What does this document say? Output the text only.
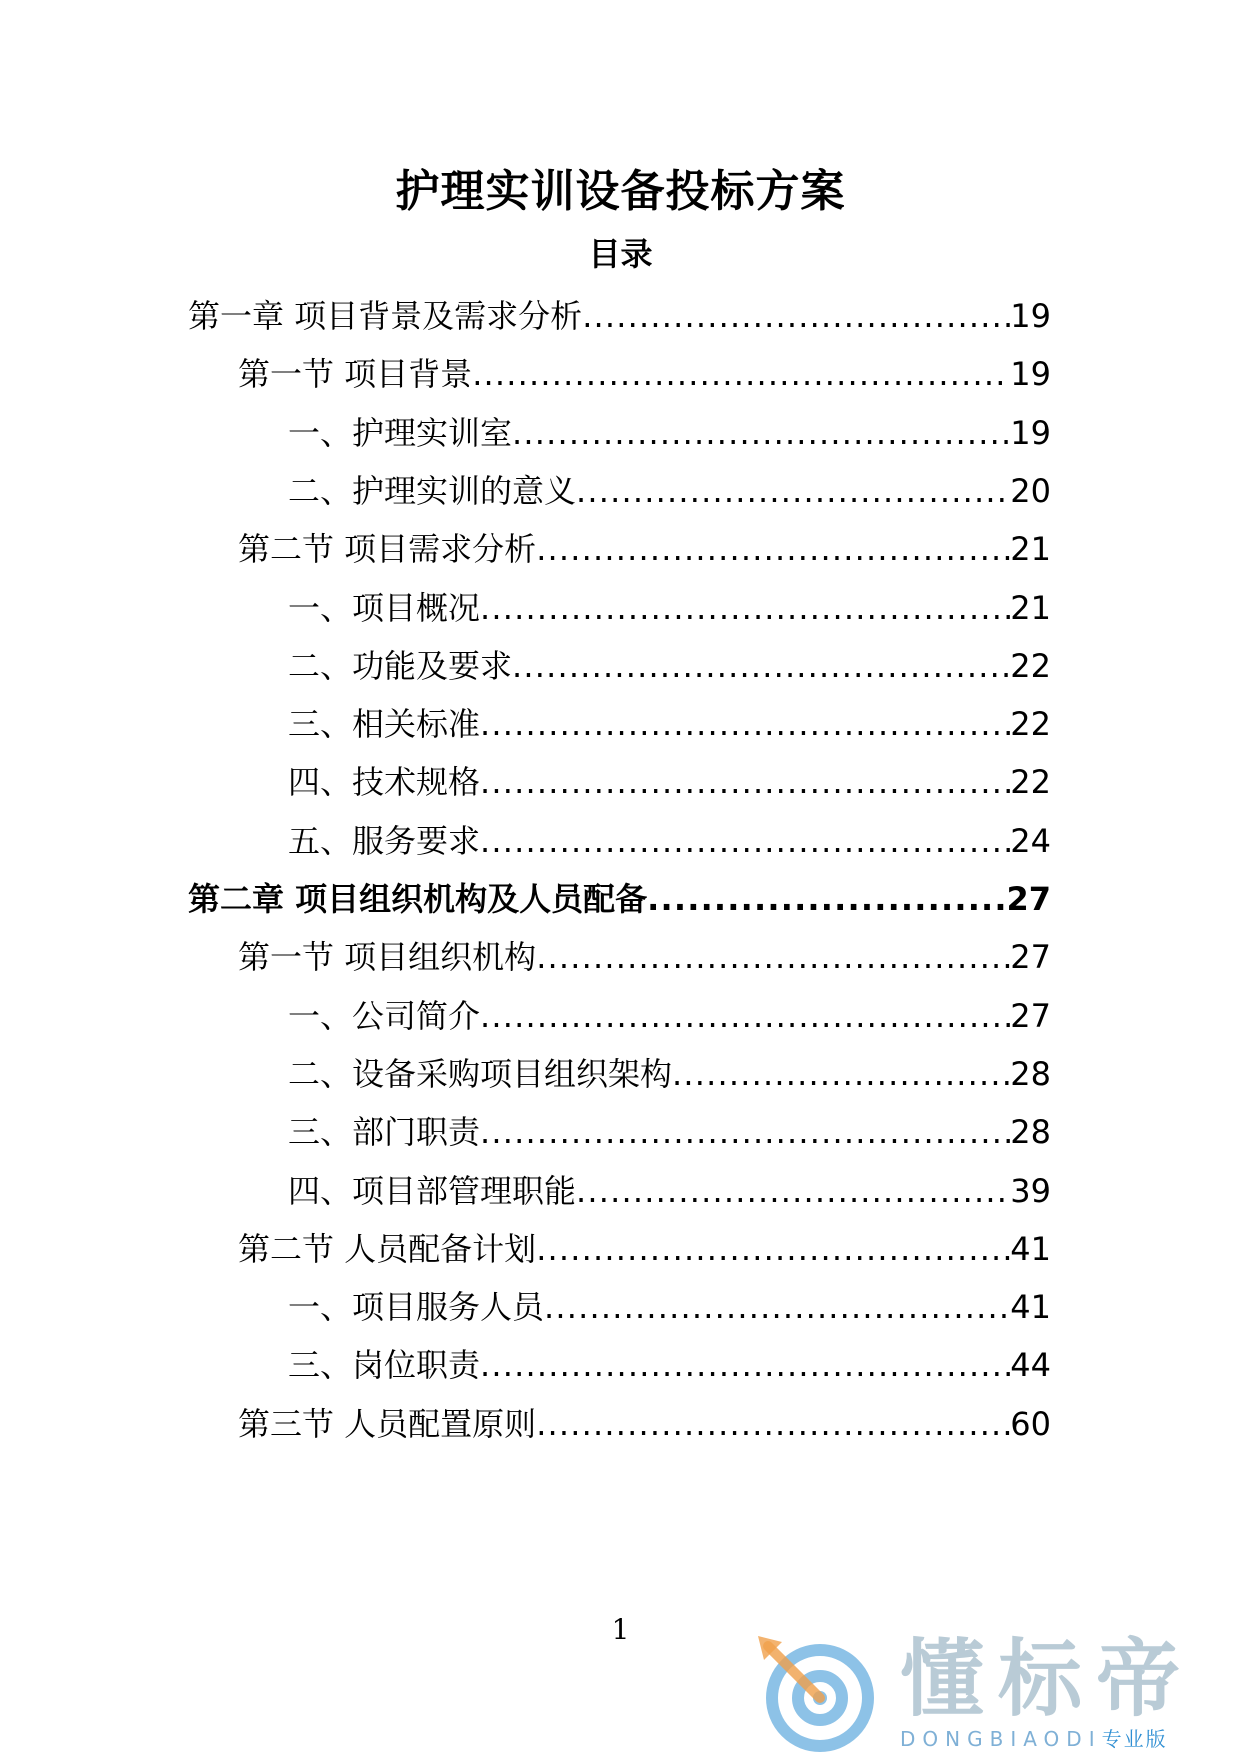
护理实训设备投标方案
目录
第一章 项目背景及需求分析 .....	19
第一节 项目背景 .....	19
一、护理实训室 .....	19
二、护理实训的意义 .....	20
第二节 项目需求分析 .....	21
一、项目概况 .....	21
二、功能及要求 .....	22
三、相关标准 .....	22
四、技术规格 .....	22
五、服务要求 .....	24
第二章 项目组织机构及人员配备 .....	27
第一节 项目组织机构 .....	27
一、公司简介 .....	27
二、设备采购项目组织架构 .....	28
三、部门职责 .....	28
四、项目部管理职能 .....	39
第二节 人员配备计划 .....	41
一、项目服务人员 .....	41
三、岗位职责 .....	44
第三节 人员配置原则 .....	60
1
懂标帝
DONGBIAODI专业版
